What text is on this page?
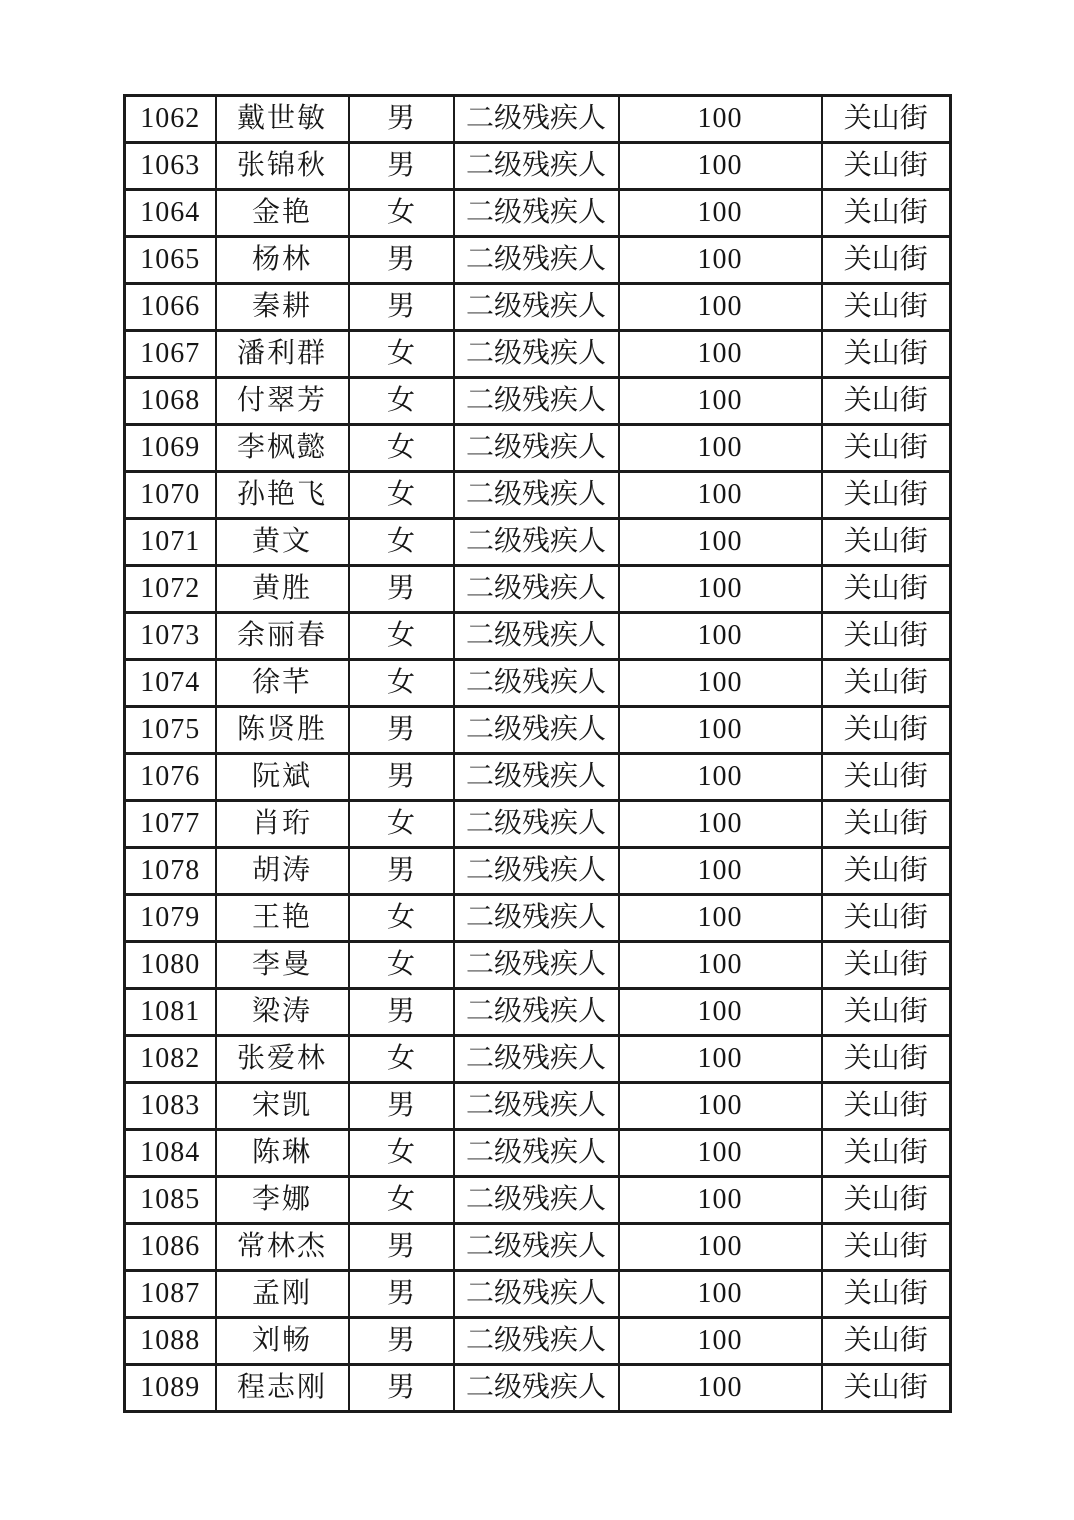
1062	戴世敏	男	二级残疾人	100	关山街
1063	张锦秋	男	二级残疾人	100	关山街
1064	金艳	女	二级残疾人	100	关山街
1065	杨林	男	二级残疾人	100	关山街
1066	秦耕	男	二级残疾人	100	关山街
1067	潘利群	女	二级残疾人	100	关山街
1068	付翠芳	女	二级残疾人	100	关山街
1069	李枫懿	女	二级残疾人	100	关山街
1070	孙艳飞	女	二级残疾人	100	关山街
1071	黄文	女	二级残疾人	100	关山街
1072	黄胜	男	二级残疾人	100	关山街
1073	余丽春	女	二级残疾人	100	关山街
1074	徐芊	女	二级残疾人	100	关山街
1075	陈贤胜	男	二级残疾人	100	关山街
1076	阮斌	男	二级残疾人	100	关山街
1077	肖珩	女	二级残疾人	100	关山街
1078	胡涛	男	二级残疾人	100	关山街
1079	王艳	女	二级残疾人	100	关山街
1080	李曼	女	二级残疾人	100	关山街
1081	梁涛	男	二级残疾人	100	关山街
1082	张爱林	女	二级残疾人	100	关山街
1083	宋凯	男	二级残疾人	100	关山街
1084	陈琳	女	二级残疾人	100	关山街
1085	李娜	女	二级残疾人	100	关山街
1086	常林杰	男	二级残疾人	100	关山街
1087	孟刚	男	二级残疾人	100	关山街
1088	刘畅	男	二级残疾人	100	关山街
1089	程志刚	男	二级残疾人	100	关山街
